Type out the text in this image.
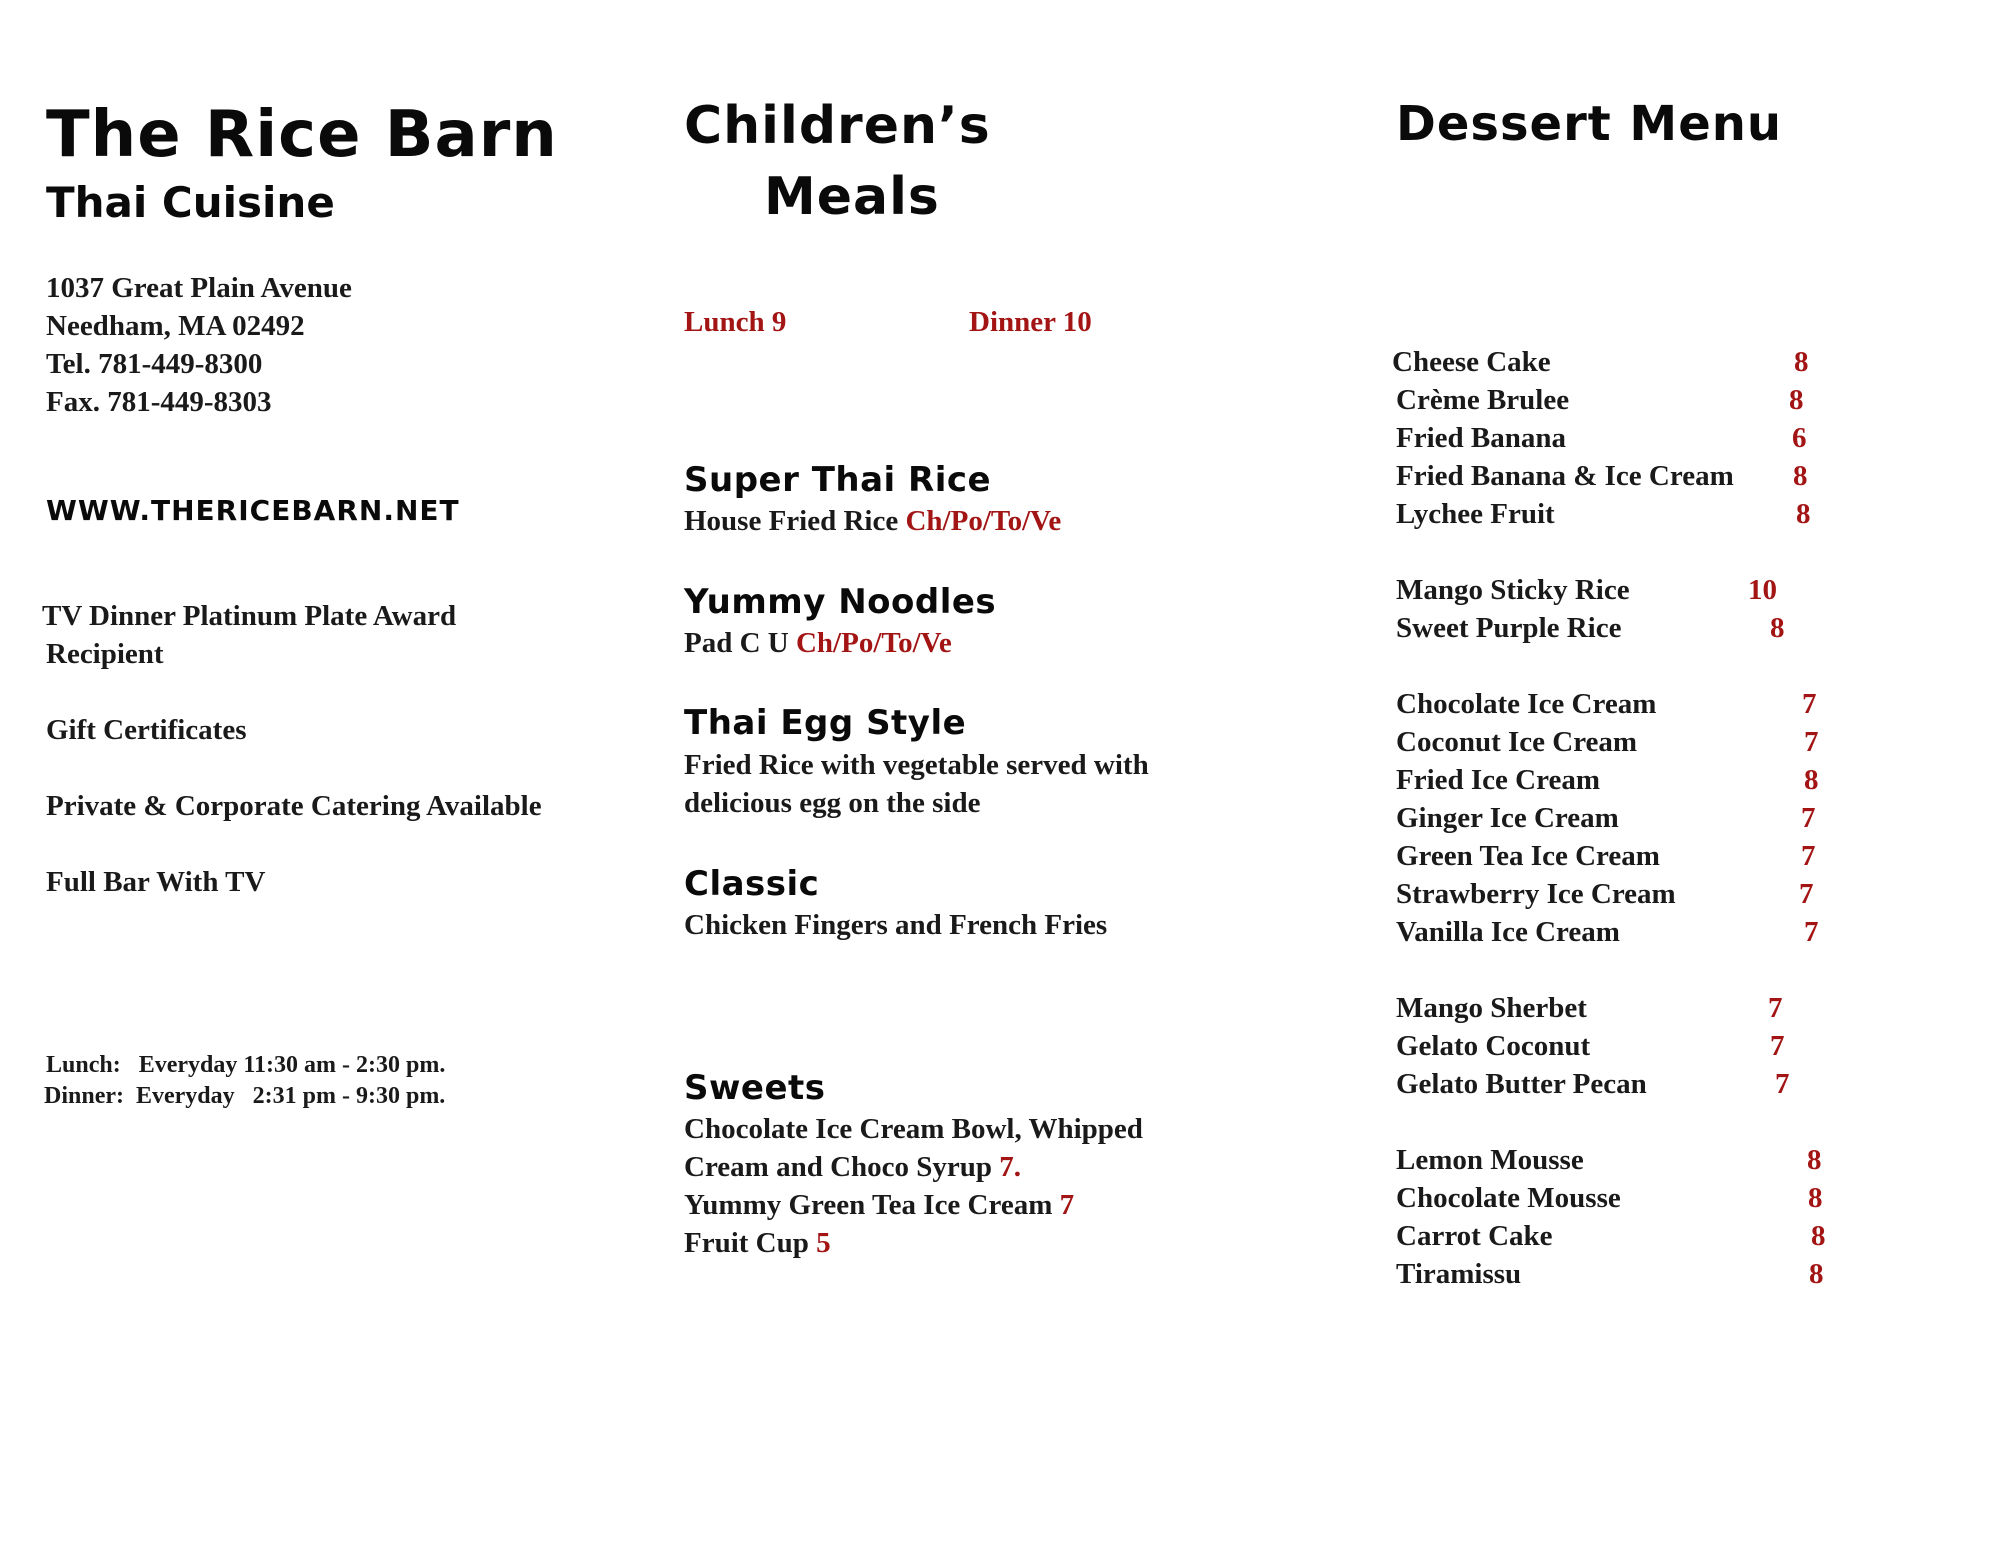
The Rice Barn
Thai Cuisine
1037 Great Plain Avenue
Needham, MA 02492
Tel. 781-449-8300
Fax. 781-449-8303
WWW.THERICEBARN.NET
TV Dinner Platinum Plate Award
Recipient
Gift Certificates
Private & Corporate Catering Available
Full Bar With TV
Lunch:   Everyday 11:30 am - 2:30 pm.
Dinner:  Everyday   2:31 pm - 9:30 pm.
Children’s
Meals
Lunch 9	Dinner 10
Super Thai Rice
House Fried Rice Ch/Po/To/Ve
Yummy Noodles
Pad C U Ch/Po/To/Ve
Thai Egg Style
Fried Rice with vegetable served with
delicious egg on the side
Classic
Chicken Fingers and French Fries
Sweets
Chocolate Ice Cream Bowl, Whipped
Cream and Choco Syrup 7.
Yummy Green Tea Ice Cream 7
Fruit Cup 5
Dessert Menu
Cheese Cake	8
Crème Brulee	8
Fried Banana	6
Fried Banana & Ice Cream 8
Lychee Fruit	8
Mango Sticky Rice	10
Sweet Purple Rice	8
Chocolate Ice Cream	7
Coconut Ice Cream	7
Fried Ice Cream	8
Ginger Ice Cream	7
Green Tea Ice Cream	7
Strawberry Ice Cream	7
Vanilla Ice Cream	7
Mango Sherbet	7
Gelato Coconut	7
Gelato Butter Pecan	7
Lemon Mousse	8
Chocolate Mousse	8
Carrot Cake	8
Tiramissu	8
